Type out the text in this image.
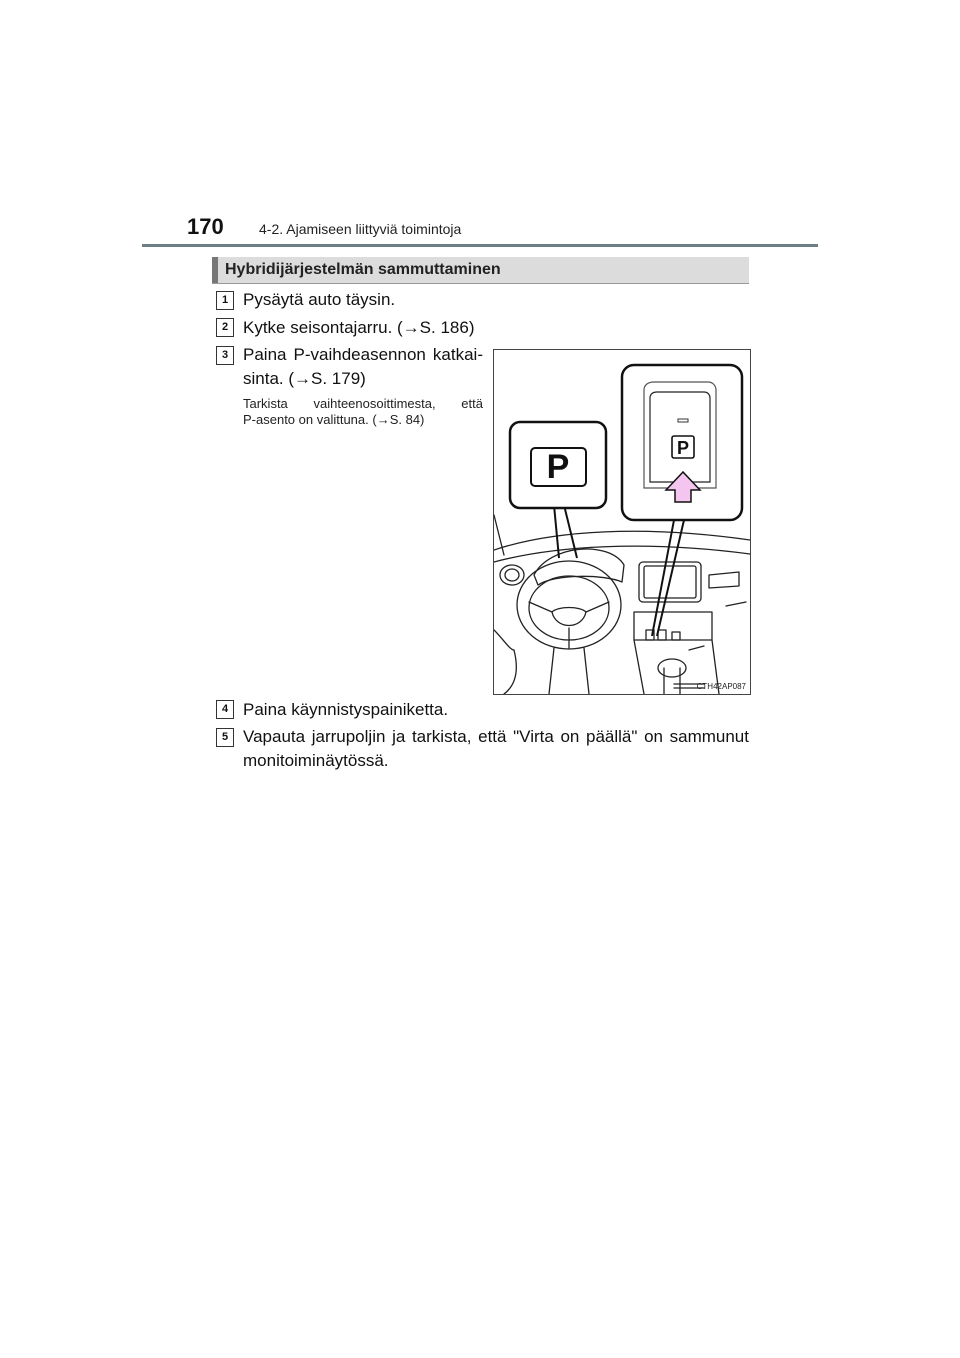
170	4-2. Ajamiseen liittyviä toimintoja
Hybridijärjestelmän sammuttaminen
1 Pysäytä auto täysin.
2 Kytke seisontajarru. (→S. 186)
3 Paina P-vaihdeasennon katkai-
sinta. (→S. 179)
Tarkista vaihteenosoittimesta, että
P-asento on valittuna. (→S. 84)
P	P
CTH42AP087
4 Paina käynnistyspainiketta.
5 Vapauta jarrupoljin ja tarkista, että "Virta on päällä" on sammunut
monitoiminäytössä.
